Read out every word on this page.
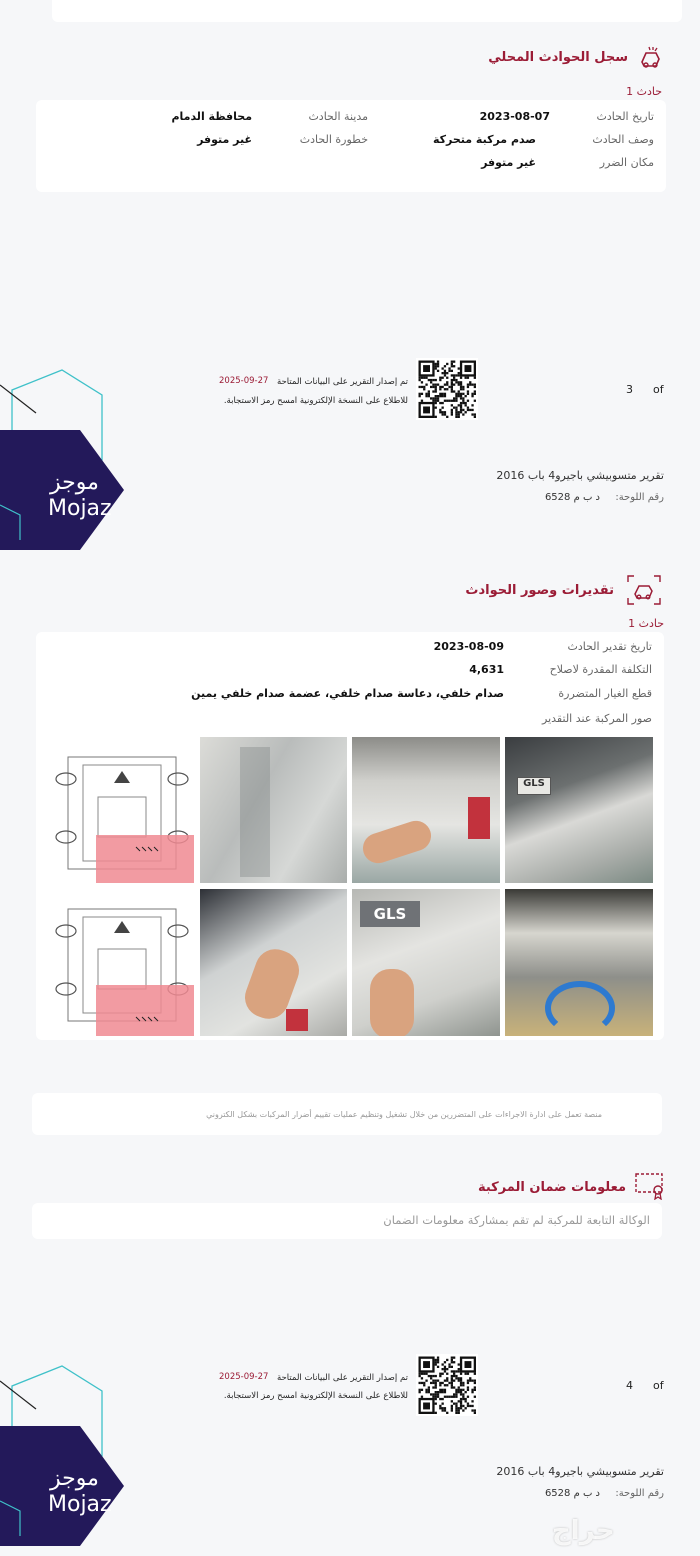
سجل الحوادث المحلي
حادث 1
تاريخ الحادث
2023-08-07
مدينة الحادث
محافظة الدمام
وصف الحادث
صدم مركبة متحركة
خطورة الحادث
غير متوفر
مكان الضرر
غير متوفر
تم إصدار التقرير على البيانات المتاحة
2025-09-27
للاطلاع على النسخة الإلكترونية امسح رمز الاستجابة.
3 of
موجز
Mojaz
تقرير متسوبيشي باجيرو4 باب 2016
رقم اللوحة:
د ب م 6528
تقديرات وصور الحوادث
حادث 1
تاريخ تقدير الحادث
2023-08-09
التكلفة المقدرة لاصلاح
4,631
قطع الغيار المتضررة
صدام خلفي، دعاسة صدام خلفي، عضمة صدام خلفي يمين
صور المركبة عند التقدير
GLS
GLS
منصة تعمل على ادارة الاجراءات على المتضررين من خلال تشغيل وتنظيم عمليات تقييم أضرار المركبات بشكل الكتروني
معلومات ضمان المركبة
الوكالة التابعة للمركبة لم تقم بمشاركة معلومات الضمان
تم إصدار التقرير على البيانات المتاحة
2025-09-27
للاطلاع على النسخة الإلكترونية امسح رمز الاستجابة.
4 of
موجز
Mojaz
تقرير متسوبيشي باجيرو4 باب 2016
رقم اللوحة:
د ب م 6528
حراج
